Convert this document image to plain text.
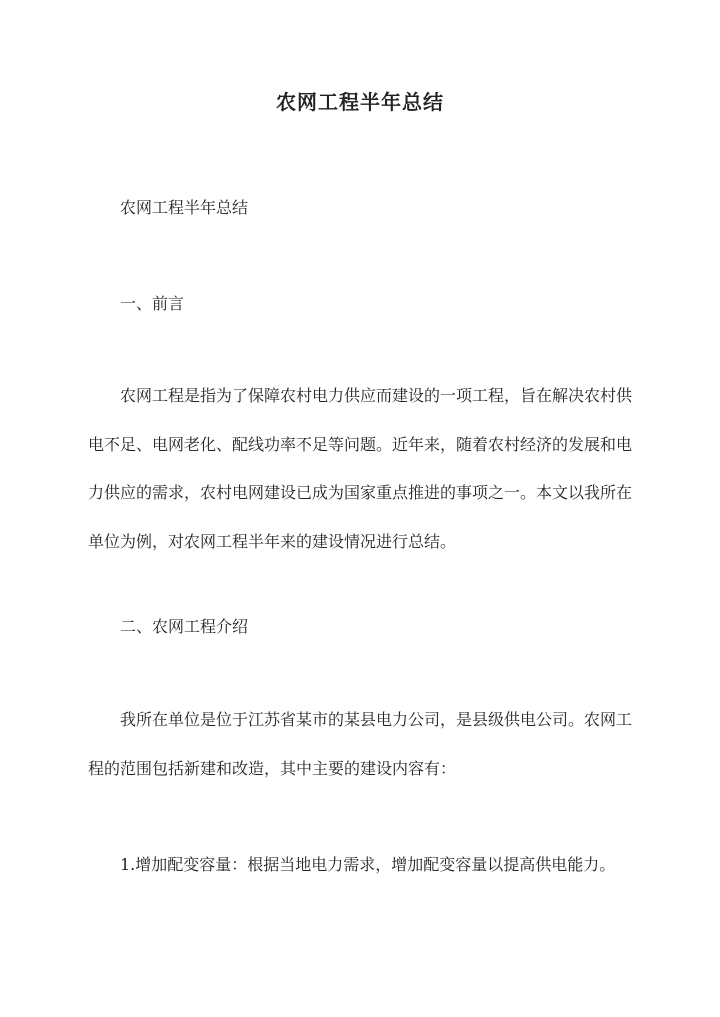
农网工程半年总结

农网工程半年总结

一、前言

农网工程是指为了保障农村电力供应而建设的一项工程，旨在解决农村供电不足、电网老化、配线功率不足等问题。近年来，随着农村经济的发展和电力供应的需求，农村电网建设已成为国家重点推进的事项之一。本文以我所在单位为例，对农网工程半年来的建设情况进行总结。

二、农网工程介绍

我所在单位是位于江苏省某市的某县电力公司，是县级供电公司。农网工程的范围包括新建和改造，其中主要的建设内容有：

1.增加配变容量：根据当地电力需求，增加配变容量以提高供电能力。
